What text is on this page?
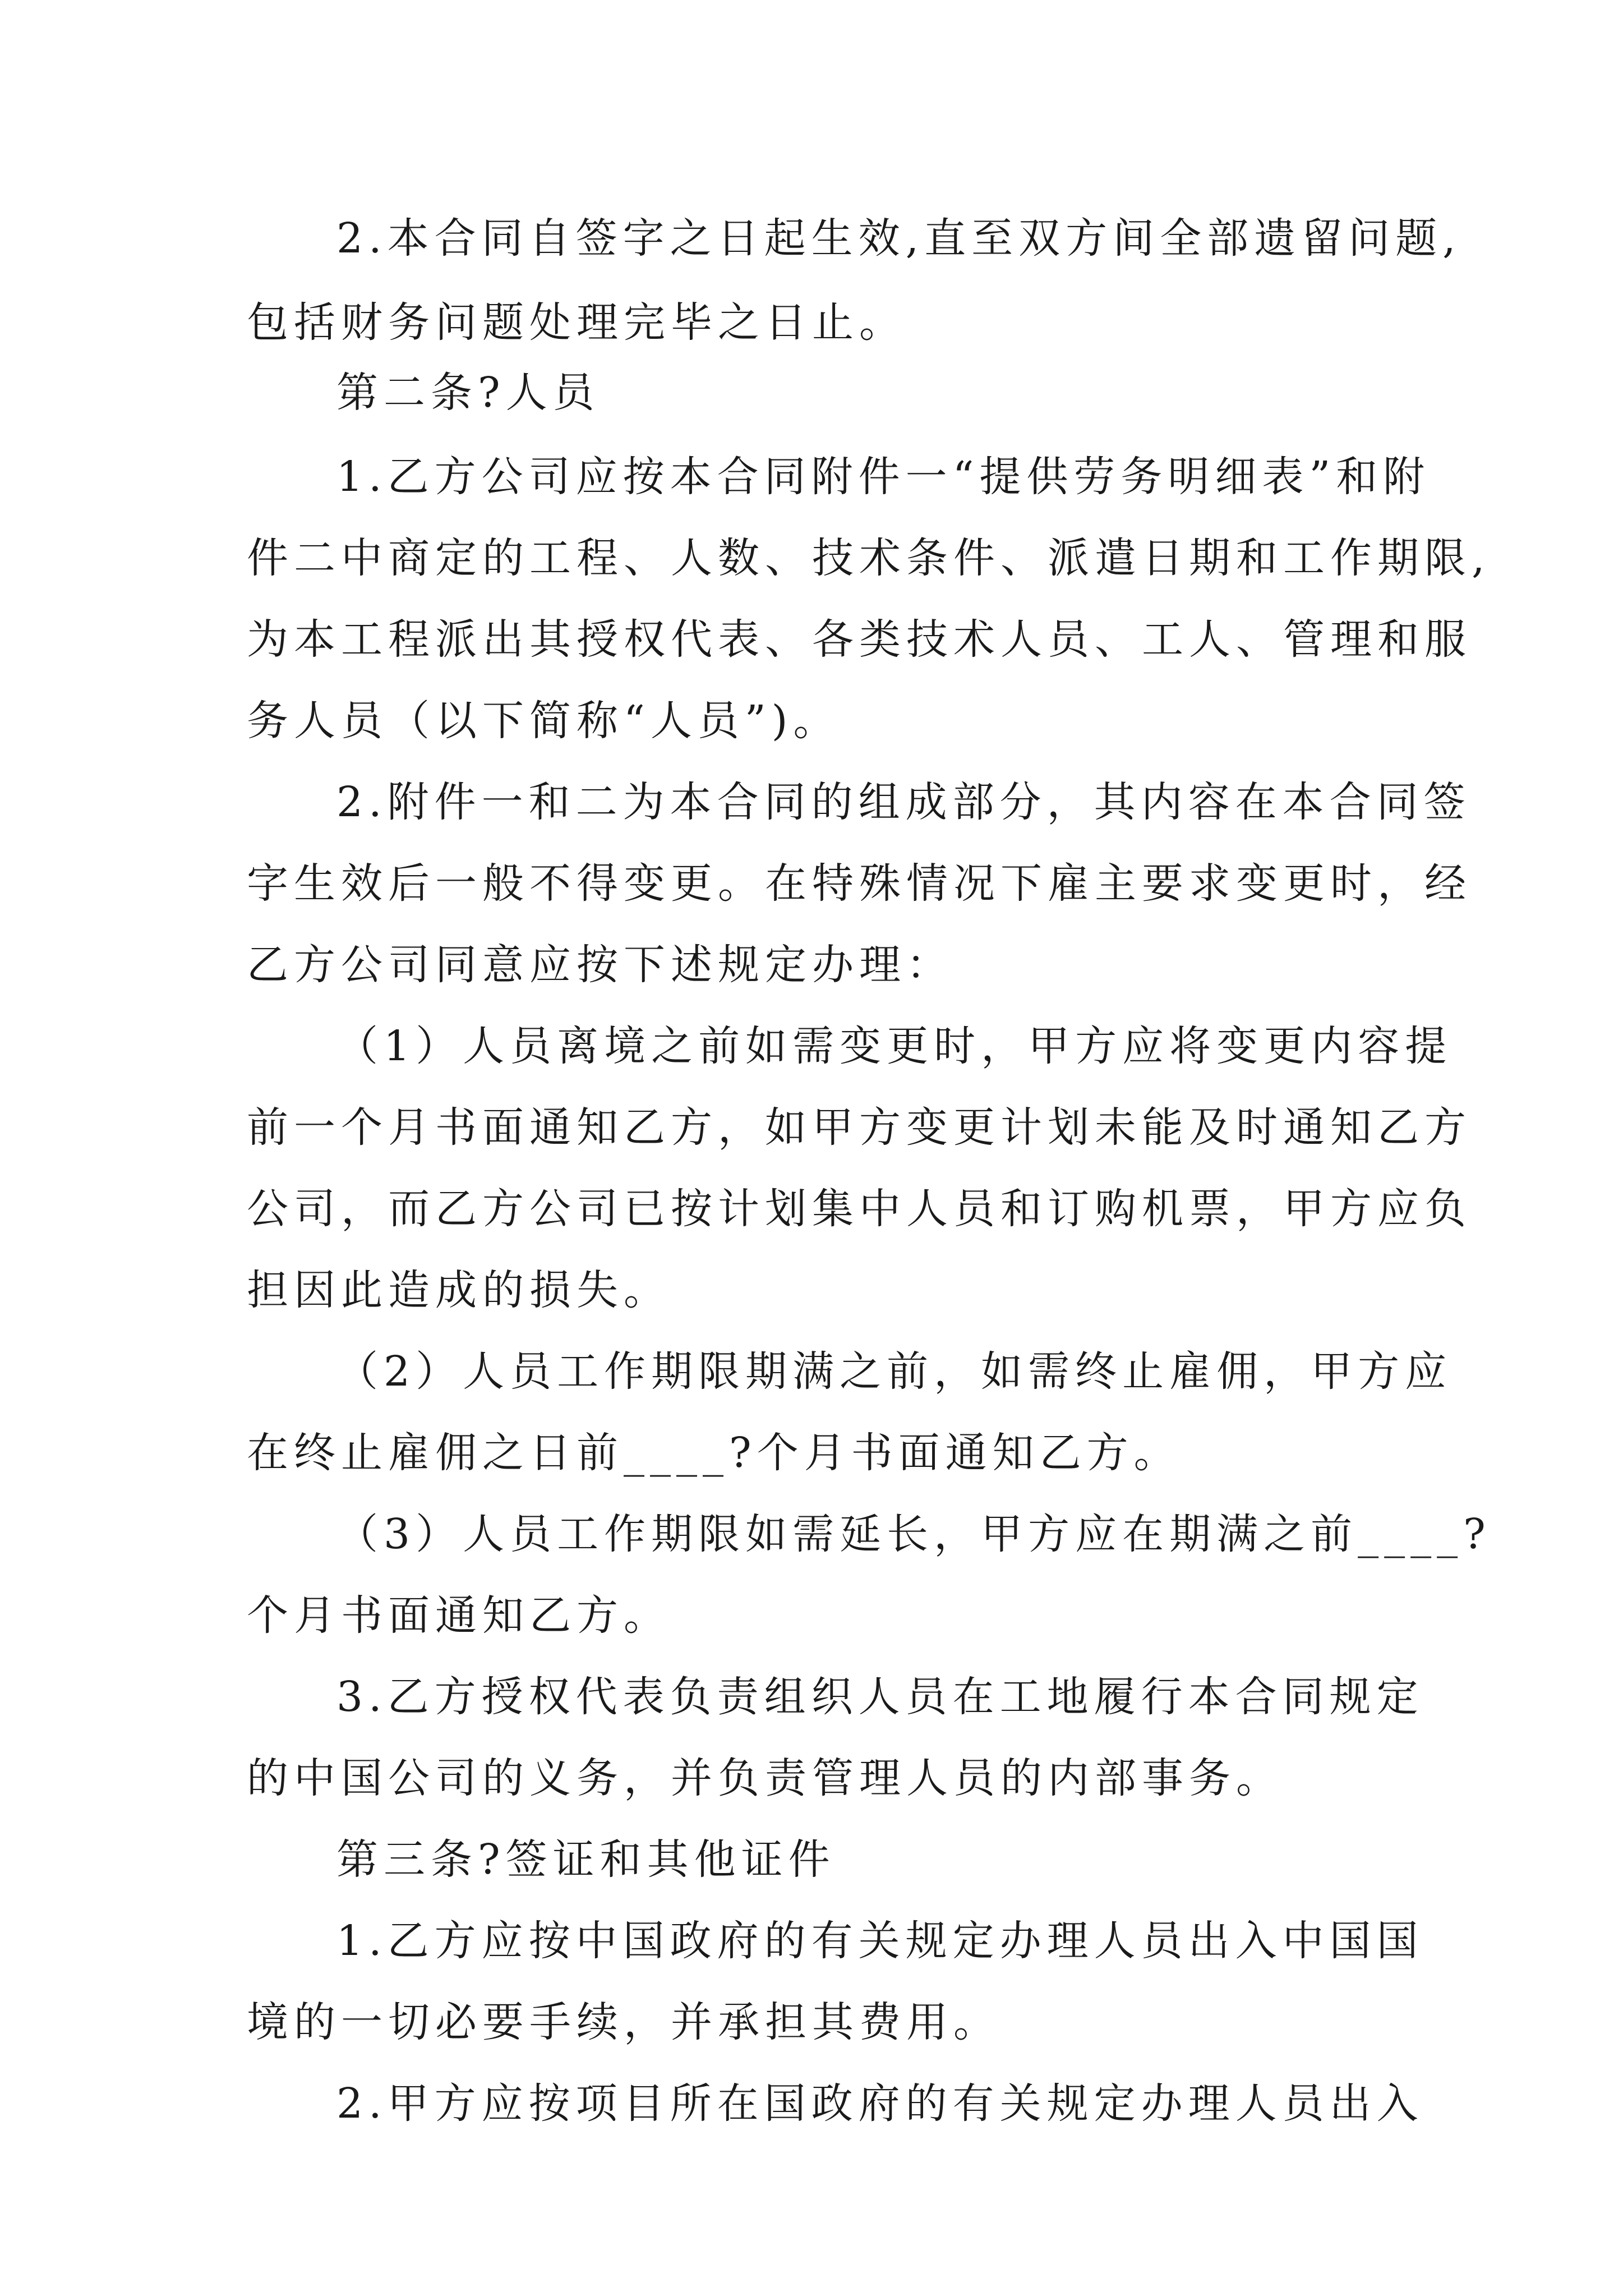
2.本合同自签字之日起生效,直至双方间全部遗留问题,

包括财务问题处理完毕之日止。

第二条?人员

1.乙方公司应按本合同附件一“提供劳务明细表”和附

件二中商定的工程、人数、技术条件、派遣日期和工作期限,

为本工程派出其授权代表、各类技术人员、工人、管理和服

务人员（以下简称“人员”)。

2.附件一和二为本合同的组成部分，其内容在本合同签

字生效后一般不得变更。在特殊情况下雇主要求变更时，经

乙方公司同意应按下述规定办理：

（1）人员离境之前如需变更时，甲方应将变更内容提

前一个月书面通知乙方，如甲方变更计划未能及时通知乙方

公司，而乙方公司已按计划集中人员和订购机票，甲方应负

担因此造成的损失。

（2）人员工作期限期满之前，如需终止雇佣，甲方应

在终止雇佣之日前____?个月书面通知乙方。

（3）人员工作期限如需延长，甲方应在期满之前____?

个月书面通知乙方。

3.乙方授权代表负责组织人员在工地履行本合同规定

的中国公司的义务，并负责管理人员的内部事务。

第三条?签证和其他证件

1.乙方应按中国政府的有关规定办理人员出入中国国

境的一切必要手续，并承担其费用。

2.甲方应按项目所在国政府的有关规定办理人员出入
